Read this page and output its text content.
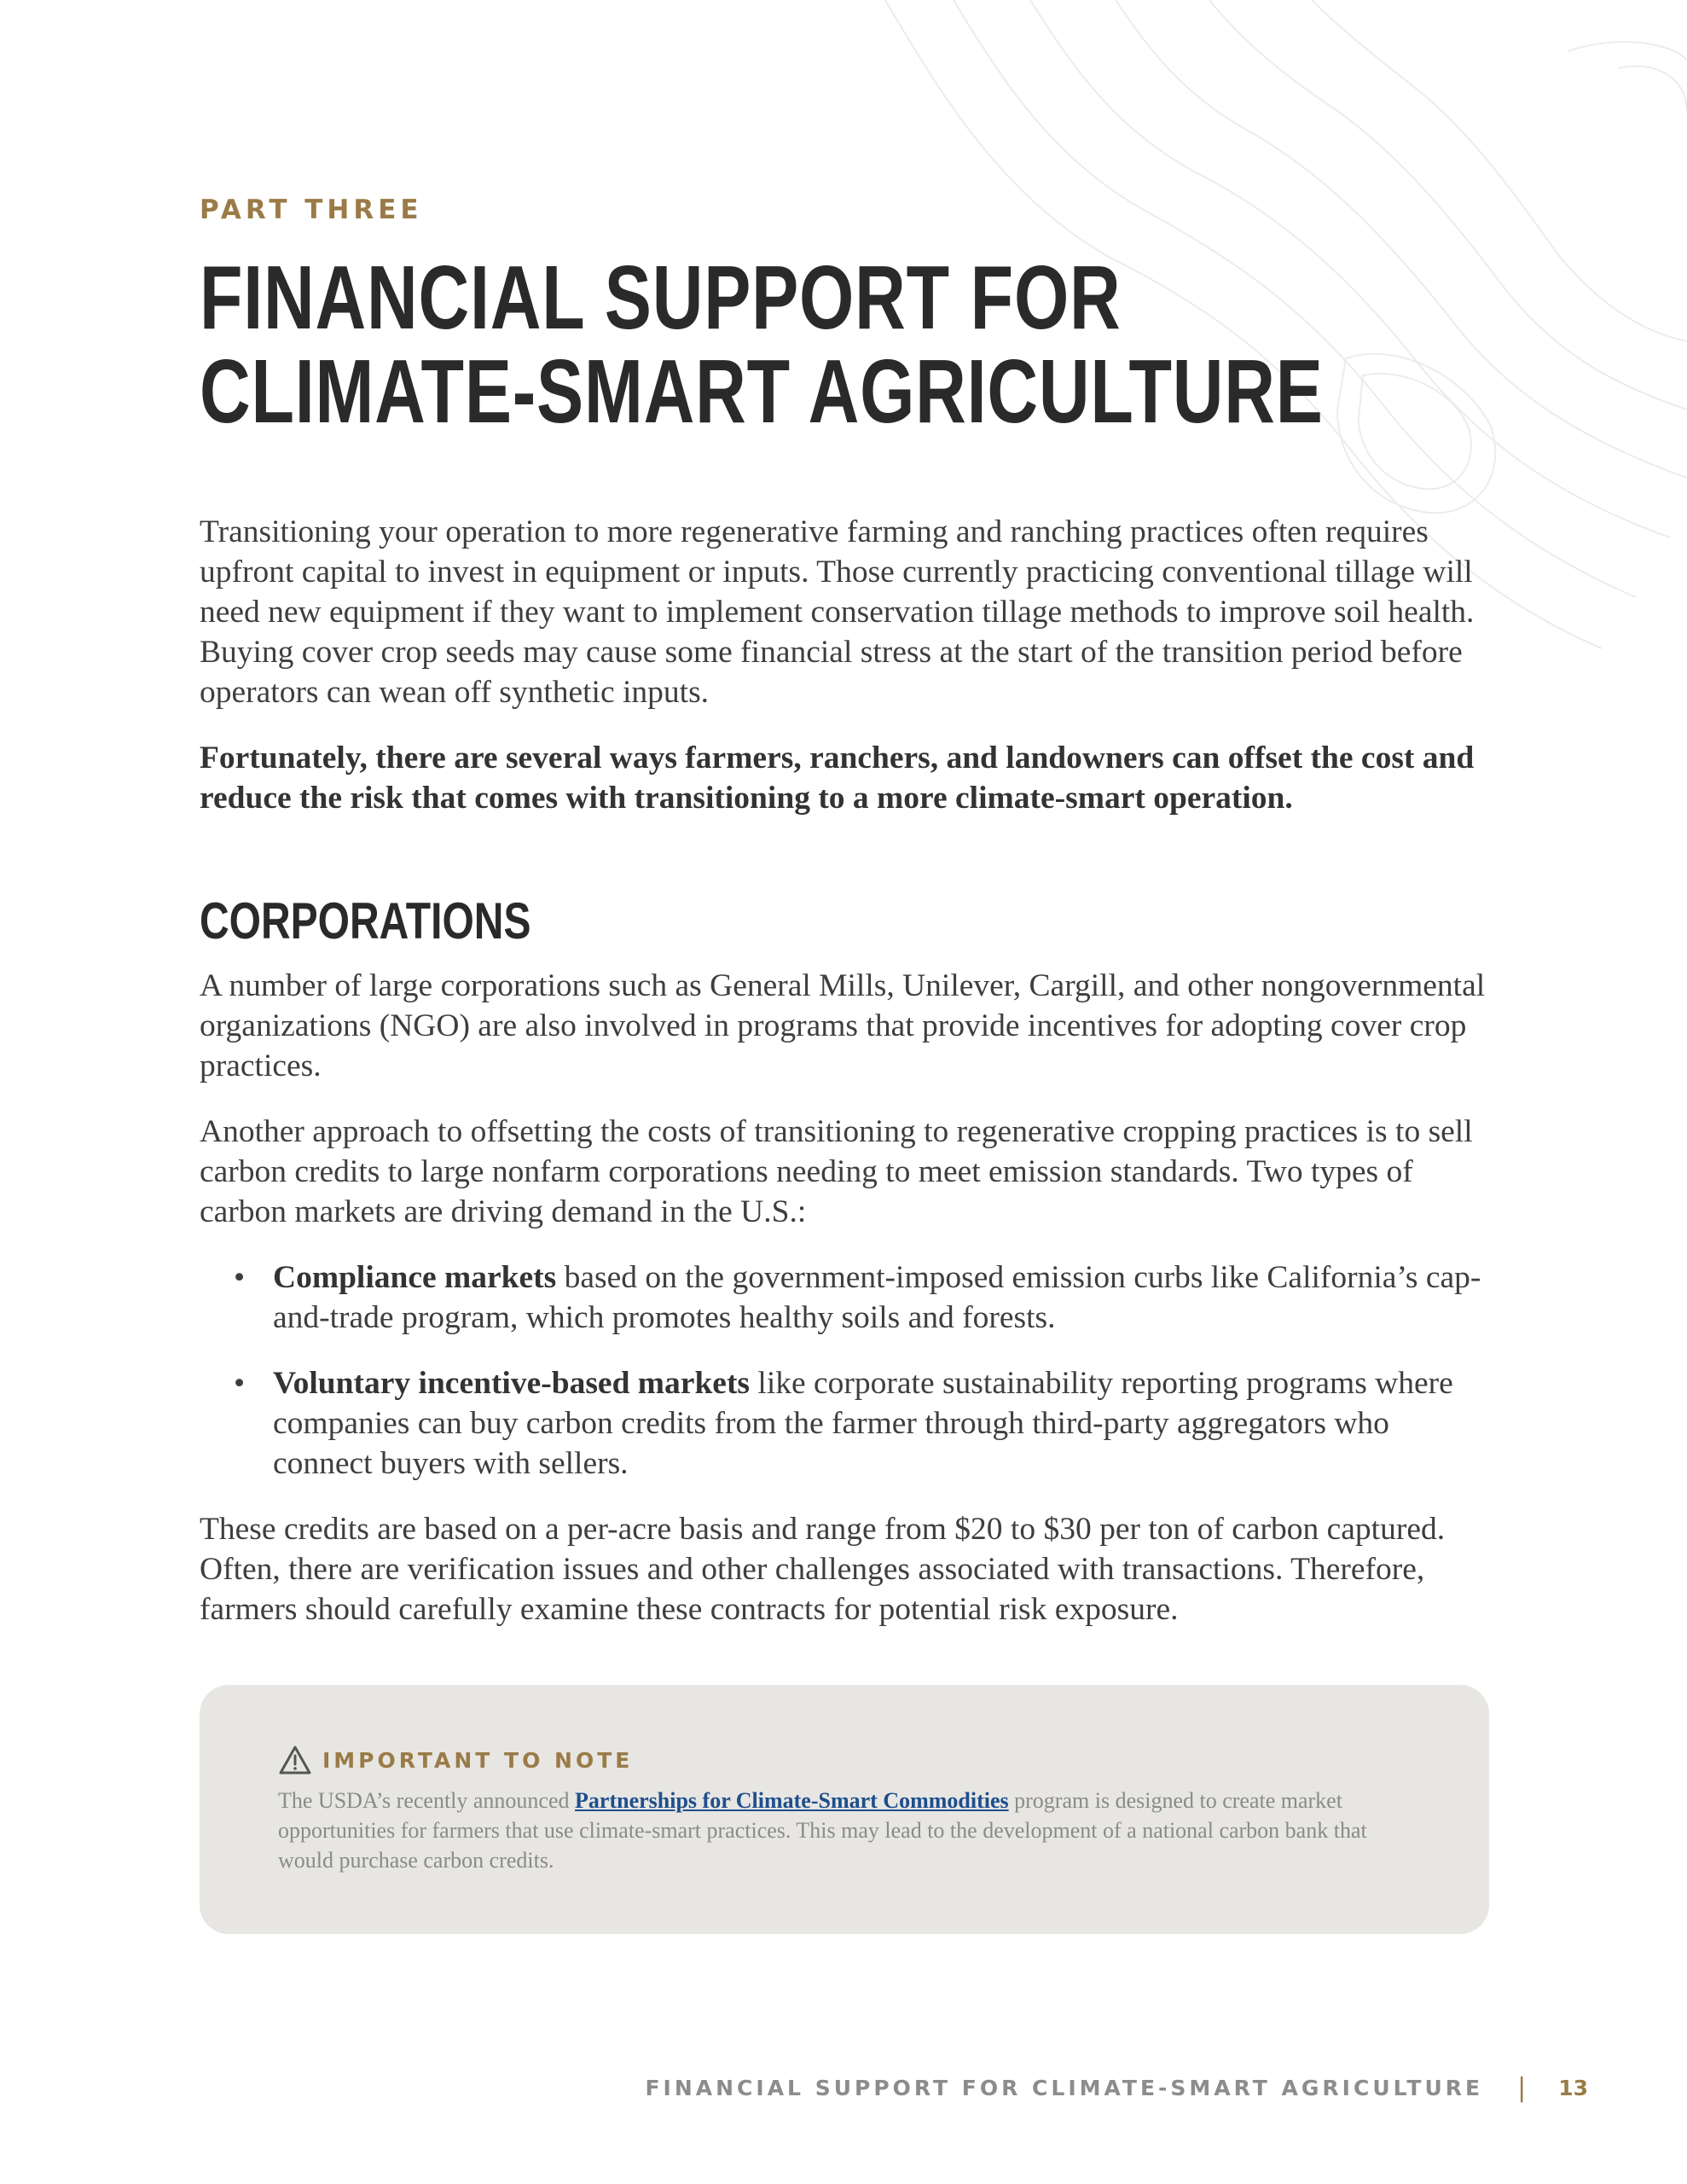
PART THREE

FINANCIAL SUPPORT FOR CLIMATE-SMART AGRICULTURE

Transitioning your operation to more regenerative farming and ranching practices often requires upfront capital to invest in equipment or inputs. Those currently practicing conventional tillage will need new equipment if they want to implement conservation tillage methods to improve soil health. Buying cover crop seeds may cause some financial stress at the start of the transition period before operators can wean off synthetic inputs.

Fortunately, there are several ways farmers, ranchers, and landowners can offset the cost and reduce the risk that comes with transitioning to a more climate-smart operation.

CORPORATIONS

A number of large corporations such as General Mills, Unilever, Cargill, and other nongovernmental organizations (NGO) are also involved in programs that provide incentives for adopting cover crop practices.

Another approach to offsetting the costs of transitioning to regenerative cropping practices is to sell carbon credits to large nonfarm corporations needing to meet emission standards. Two types of carbon markets are driving demand in the U.S.:

• Compliance markets based on the government-imposed emission curbs like California’s cap-and-trade program, which promotes healthy soils and forests.
• Voluntary incentive-based markets like corporate sustainability reporting programs where companies can buy carbon credits from the farmer through third-party aggregators who connect buyers with sellers.

These credits are based on a per-acre basis and range from $20 to $30 per ton of carbon captured. Often, there are verification issues and other challenges associated with transactions. Therefore, farmers should carefully examine these contracts for potential risk exposure.

IMPORTANT TO NOTE

The USDA’s recently announced Partnerships for Climate-Smart Commodities program is designed to create market opportunities for farmers that use climate-smart practices. This may lead to the development of a national carbon bank that would purchase carbon credits.

FINANCIAL SUPPORT FOR CLIMATE-SMART AGRICULTURE | 13
